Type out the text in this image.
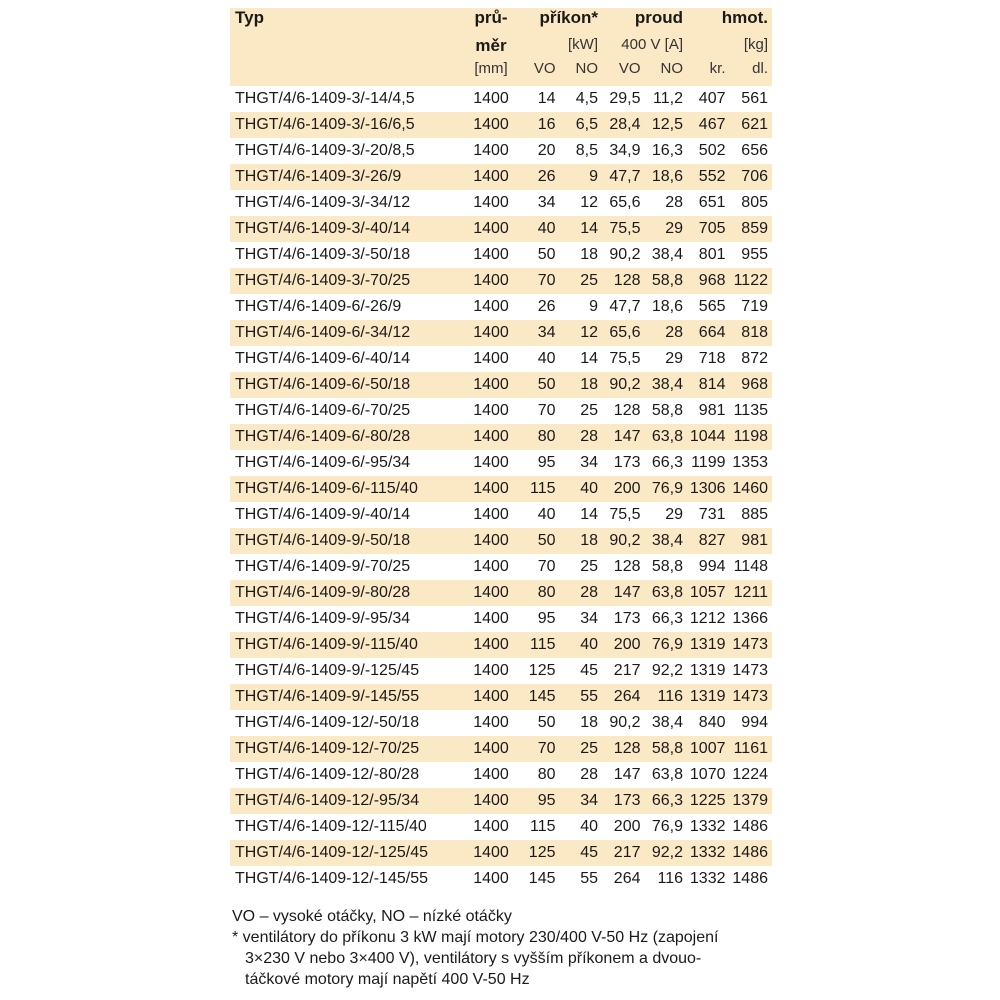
Typ	prů-	příkon*		proud		hmot.	
	měr	[kW]		400 V [A]		[kg]	
	[mm]	VO	NO	VO	NO	kr.	dl.
THGT/4/6-1409-3/-14/4,5	1400	14	4,5	29,5	11,2	407	561
THGT/4/6-1409-3/-16/6,5	1400	16	6,5	28,4	12,5	467	621
THGT/4/6-1409-3/-20/8,5	1400	20	8,5	34,9	16,3	502	656
THGT/4/6-1409-3/-26/9	1400	26	9	47,7	18,6	552	706
THGT/4/6-1409-3/-34/12	1400	34	12	65,6	28	651	805
THGT/4/6-1409-3/-40/14	1400	40	14	75,5	29	705	859
THGT/4/6-1409-3/-50/18	1400	50	18	90,2	38,4	801	955
THGT/4/6-1409-3/-70/25	1400	70	25	128	58,8	968	1122
THGT/4/6-1409-6/-26/9	1400	26	9	47,7	18,6	565	719
THGT/4/6-1409-6/-34/12	1400	34	12	65,6	28	664	818
THGT/4/6-1409-6/-40/14	1400	40	14	75,5	29	718	872
THGT/4/6-1409-6/-50/18	1400	50	18	90,2	38,4	814	968
THGT/4/6-1409-6/-70/25	1400	70	25	128	58,8	981	1135
THGT/4/6-1409-6/-80/28	1400	80	28	147	63,8	1044	1198
THGT/4/6-1409-6/-95/34	1400	95	34	173	66,3	1199	1353
THGT/4/6-1409-6/-115/40	1400	115	40	200	76,9	1306	1460
THGT/4/6-1409-9/-40/14	1400	40	14	75,5	29	731	885
THGT/4/6-1409-9/-50/18	1400	50	18	90,2	38,4	827	981
THGT/4/6-1409-9/-70/25	1400	70	25	128	58,8	994	1148
THGT/4/6-1409-9/-80/28	1400	80	28	147	63,8	1057	1211
THGT/4/6-1409-9/-95/34	1400	95	34	173	66,3	1212	1366
THGT/4/6-1409-9/-115/40	1400	115	40	200	76,9	1319	1473
THGT/4/6-1409-9/-125/45	1400	125	45	217	92,2	1319	1473
THGT/4/6-1409-9/-145/55	1400	145	55	264	116	1319	1473
THGT/4/6-1409-12/-50/18	1400	50	18	90,2	38,4	840	994
THGT/4/6-1409-12/-70/25	1400	70	25	128	58,8	1007	1161
THGT/4/6-1409-12/-80/28	1400	80	28	147	63,8	1070	1224
THGT/4/6-1409-12/-95/34	1400	95	34	173	66,3	1225	1379
THGT/4/6-1409-12/-115/40	1400	115	40	200	76,9	1332	1486
THGT/4/6-1409-12/-125/45	1400	125	45	217	92,2	1332	1486
THGT/4/6-1409-12/-145/55	1400	145	55	264	116	1332	1486
VO – vysoké otáčky, NO – nízké otáčky
* ventilátory do příkonu 3 kW mají motory 230/400 V-50 Hz (zapojení
3×230 V nebo 3×400 V), ventilátory s vyšším příkonem a dvouo-
táčkové motory mají napětí 400 V-50 Hz
